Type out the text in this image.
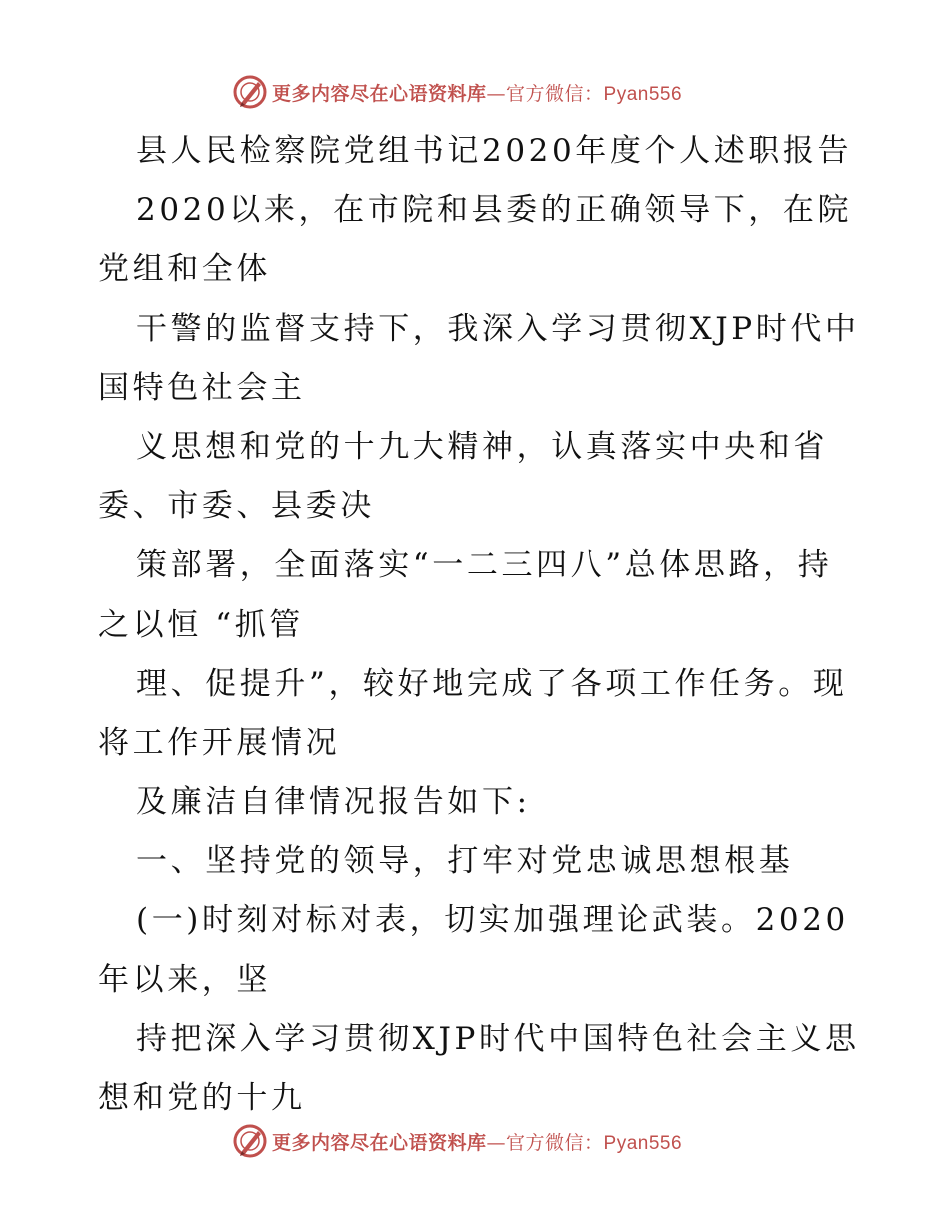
更多内容尽在心语资料库—官方微信：Pyan556
县人民检察院党组书记2020年度个人述职报告
2020以来，在市院和县委的正确领导下，在院
党组和全体
干警的监督支持下，我深入学习贯彻XJP时代中
国特色社会主
义思想和党的十九大精神，认真落实中央和省
委、市委、县委决
策部署，全面落实“一二三四八”总体思路，持
之以恒 “抓管
理、促提升”，较好地完成了各项工作任务。现
将工作开展情况
及廉洁自律情况报告如下:
一、坚持党的领导，打牢对党忠诚思想根基
(一)时刻对标对表，切实加强理论武装。2020
年以来，坚
持把深入学习贯彻XJP时代中国特色社会主义思
想和党的十九
更多内容尽在心语资料库—官方微信：Pyan556
